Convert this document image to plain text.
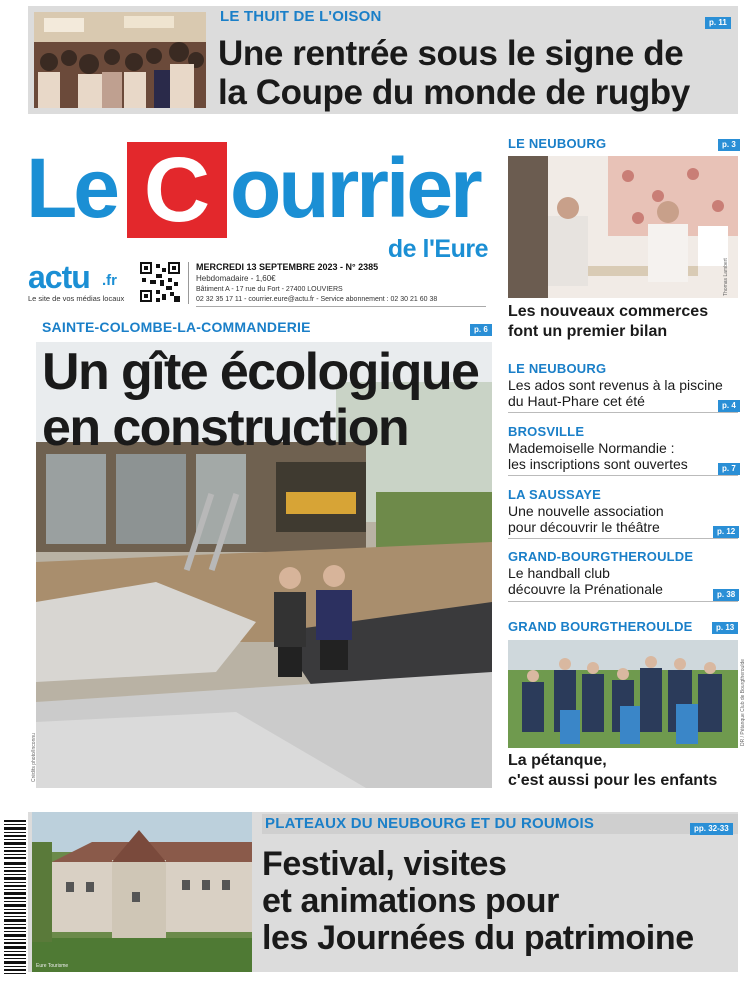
LE THUIT DE L'OISON	p. 11
Une rentrée sous le signe de
la Coupe du monde de rugby
Le C ourrier
de l'Eure
actu .fr
Le site de vos médias locaux
MERCREDI 13 SEPTEMBRE 2023 - N° 2385
Hebdomadaire - 1,60€
Bâtiment A - 17 rue du Fort - 27400 LOUVIERS
02 32 35 17 11 - courrier.eure@actu.fr - Service abonnement : 02 30 21 60 38
SAINTE-COLOMBE-LA-COMMANDERIE	p. 6
Un gîte écologique
en construction
Crédits photo/Inconnu
LE NEUBOURG	p. 3
Thomas Lambert
Les nouveaux commerces
font un premier bilan
LE NEUBOURG
Les ados sont revenus à la piscine
du Haut-Phare cet été	p. 4
BROSVILLE
Mademoiselle Normandie :
les inscriptions sont ouvertes	p. 7
LA SAUSSAYE
Une nouvelle association
pour découvrir le théâtre	p. 12
GRAND-BOURGTHEROULDE
Le handball club
découvre la Prénationale	p. 38
GRAND BOURGTHEROULDE	p. 13
DR / Pétanque Club de Bourgtheroulde
La pétanque,
c'est aussi pour les enfants
PLATEAUX DU NEUBOURG ET DU ROUMOIS	pp. 32-33
Festival, visites
et animations pour
les Journées du patrimoine
Eure Tourisme
